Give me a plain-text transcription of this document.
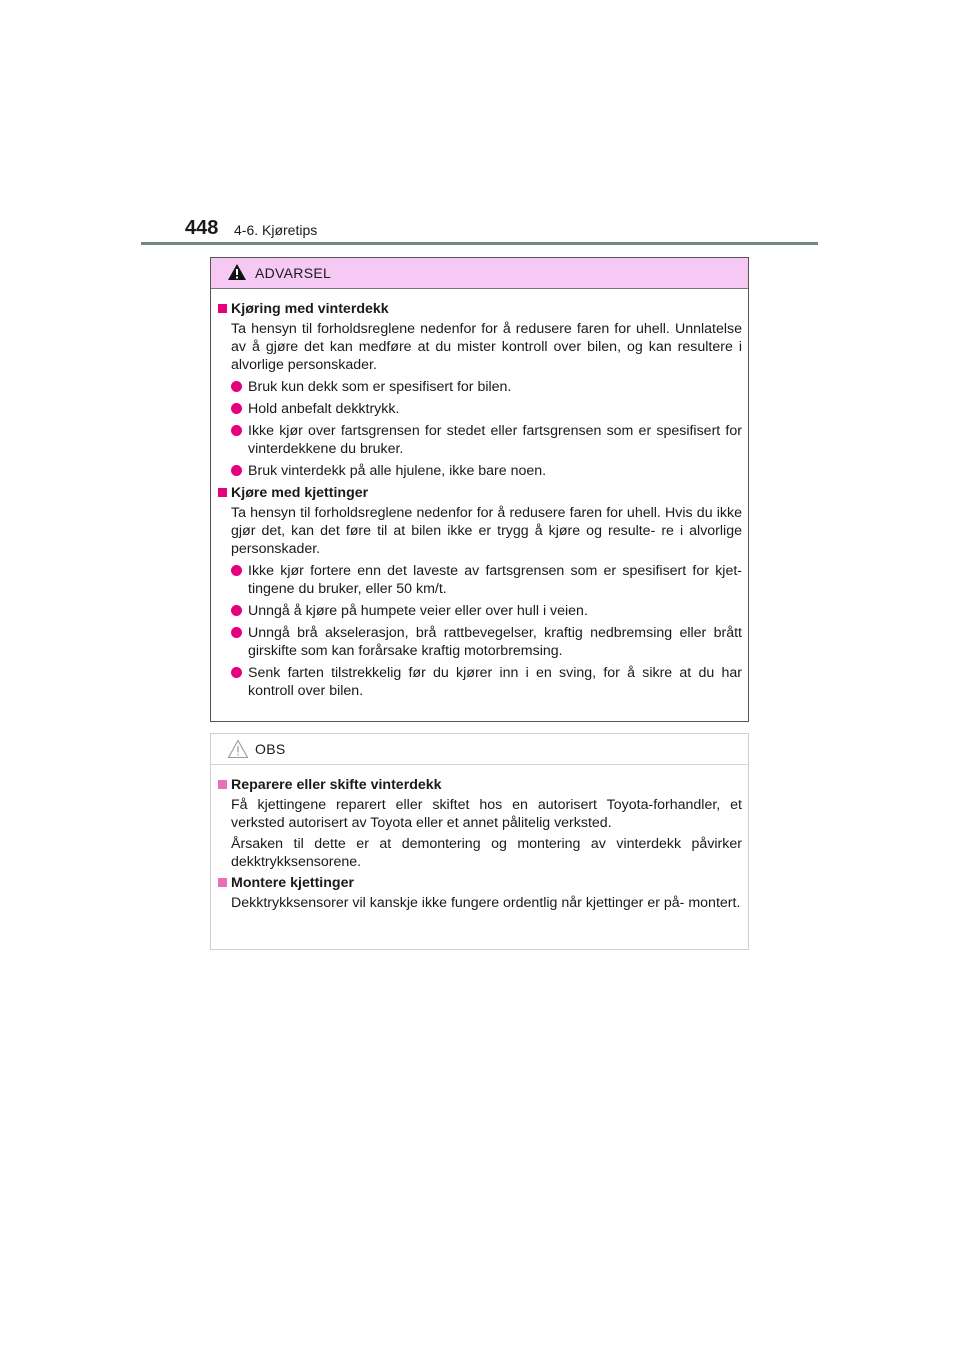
448 4-6. Kjøretips
ADVARSEL
Kjøring med vinterdekk
Ta hensyn til forholdsreglene nedenfor for å redusere faren for uhell. Unnlatelse av å gjøre det kan medføre at du mister kontroll over bilen, og kan resultere i alvorlige personskader.
Bruk kun dekk som er spesifisert for bilen.
Hold anbefalt dekktrykk.
Ikke kjør over fartsgrensen for stedet eller fartsgrensen som er spesifisert for vinterdekkene du bruker.
Bruk vinterdekk på alle hjulene, ikke bare noen.
Kjøre med kjettinger
Ta hensyn til forholdsreglene nedenfor for å redusere faren for uhell. Hvis du ikke gjør det, kan det føre til at bilen ikke er trygg å kjøre og resulte- re i alvorlige personskader.
Ikke kjør fortere enn det laveste av fartsgrensen som er spesifisert for kjet- tingene du bruker, eller 50 km/t.
Unngå å kjøre på humpete veier eller over hull i veien.
Unngå brå akselerasjon, brå rattbevegelser, kraftig nedbremsing eller brått girskifte som kan forårsake kraftig motorbremsing.
Senk farten tilstrekkelig før du kjører inn i en sving, for å sikre at du har kontroll over bilen.
OBS
Reparere eller skifte vinterdekk
Få kjettingene reparert eller skiftet hos en autorisert Toyota-forhandler, et verksted autorisert av Toyota eller et annet pålitelig verksted.
Årsaken til dette er at demontering og montering av vinterdekk påvirker dekktrykksensorene.
Montere kjettinger
Dekktrykksensorer vil kanskje ikke fungere ordentlig når kjettinger er på- montert.
